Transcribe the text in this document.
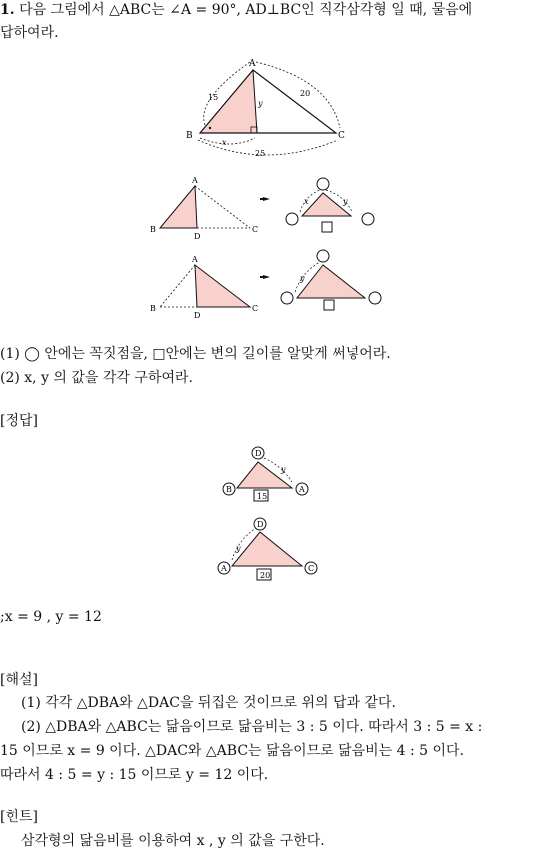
1. 다음 그림에서 △ABC는 ∠A = 90°, AD⊥BC인 직각삼각형 일 때, 물음에
답하여라.
A
B	C
15	20
25
y
x
A
B
D
C
x	y
A
B
D
C
y
D
B	A
15
y
D
A	C
20
y
(1) ◯ 안에는 꼭짓점을, □안에는 변의 길이를 알맞게 써넣어라.
(2) x, y 의 값을 각각 구하여라.
[정답]
;x = 9 , y = 12
[해설]
(1) 각각 △DBA와 △DAC을 뒤집은 것이므로 위의 답과 같다.
(2) △DBA와 △ABC는 닮음이므로 닮음비는 3 : 5 이다. 따라서 3 : 5 = x :
15 이므로 x = 9 이다. △DAC와 △ABC는 닮음이므로 닮음비는 4 : 5 이다.
따라서 4 : 5 = y : 15 이므로 y = 12 이다.
[힌트]
삼각형의 닮음비를 이용하여 x , y 의 값을 구한다.
